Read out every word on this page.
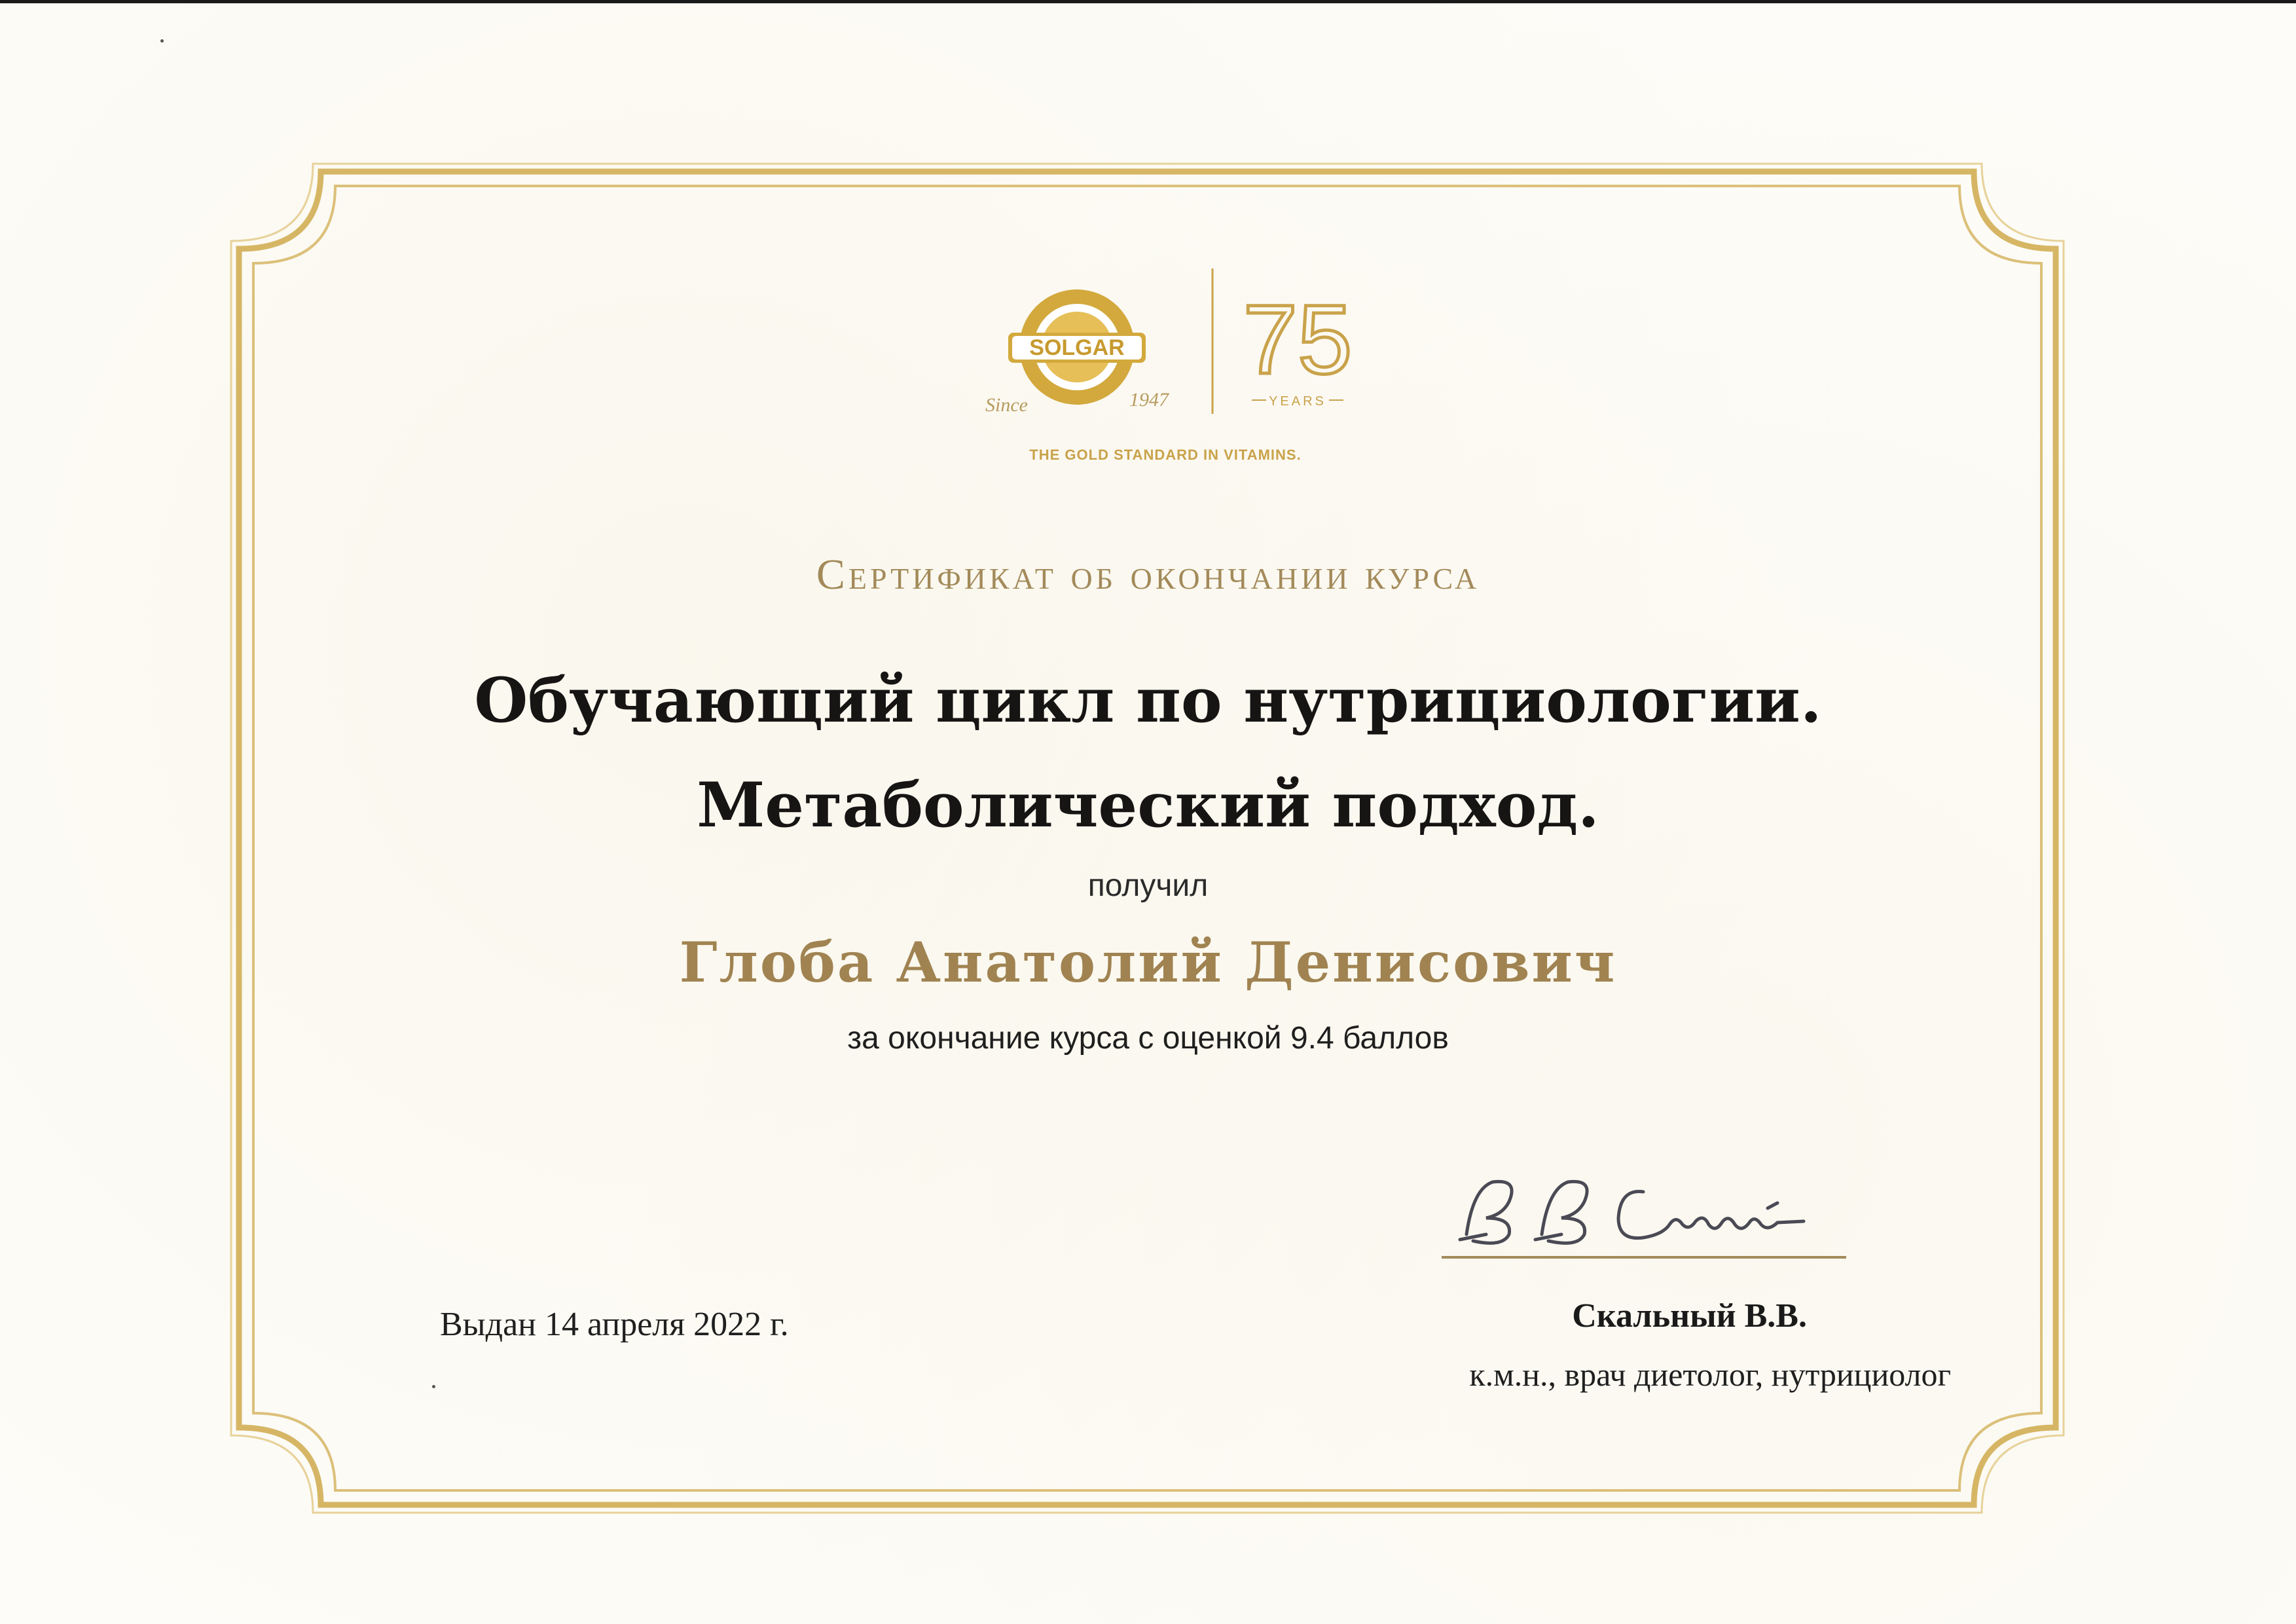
SOLGAR
Since	1947
75
YEARS
THE GOLD STANDARD IN VITAMINS.
Сертификат об окончании курса
Обучающий цикл по нутрициологии.
Метаболический подход.
получил
Глоба Анатолий Денисович
за окончание курса с оценкой 9.4 баллов
Выдан 14 апреля 2022 г.	Скальный В.В.
к.м.н., врач диетолог, нутрициолог
